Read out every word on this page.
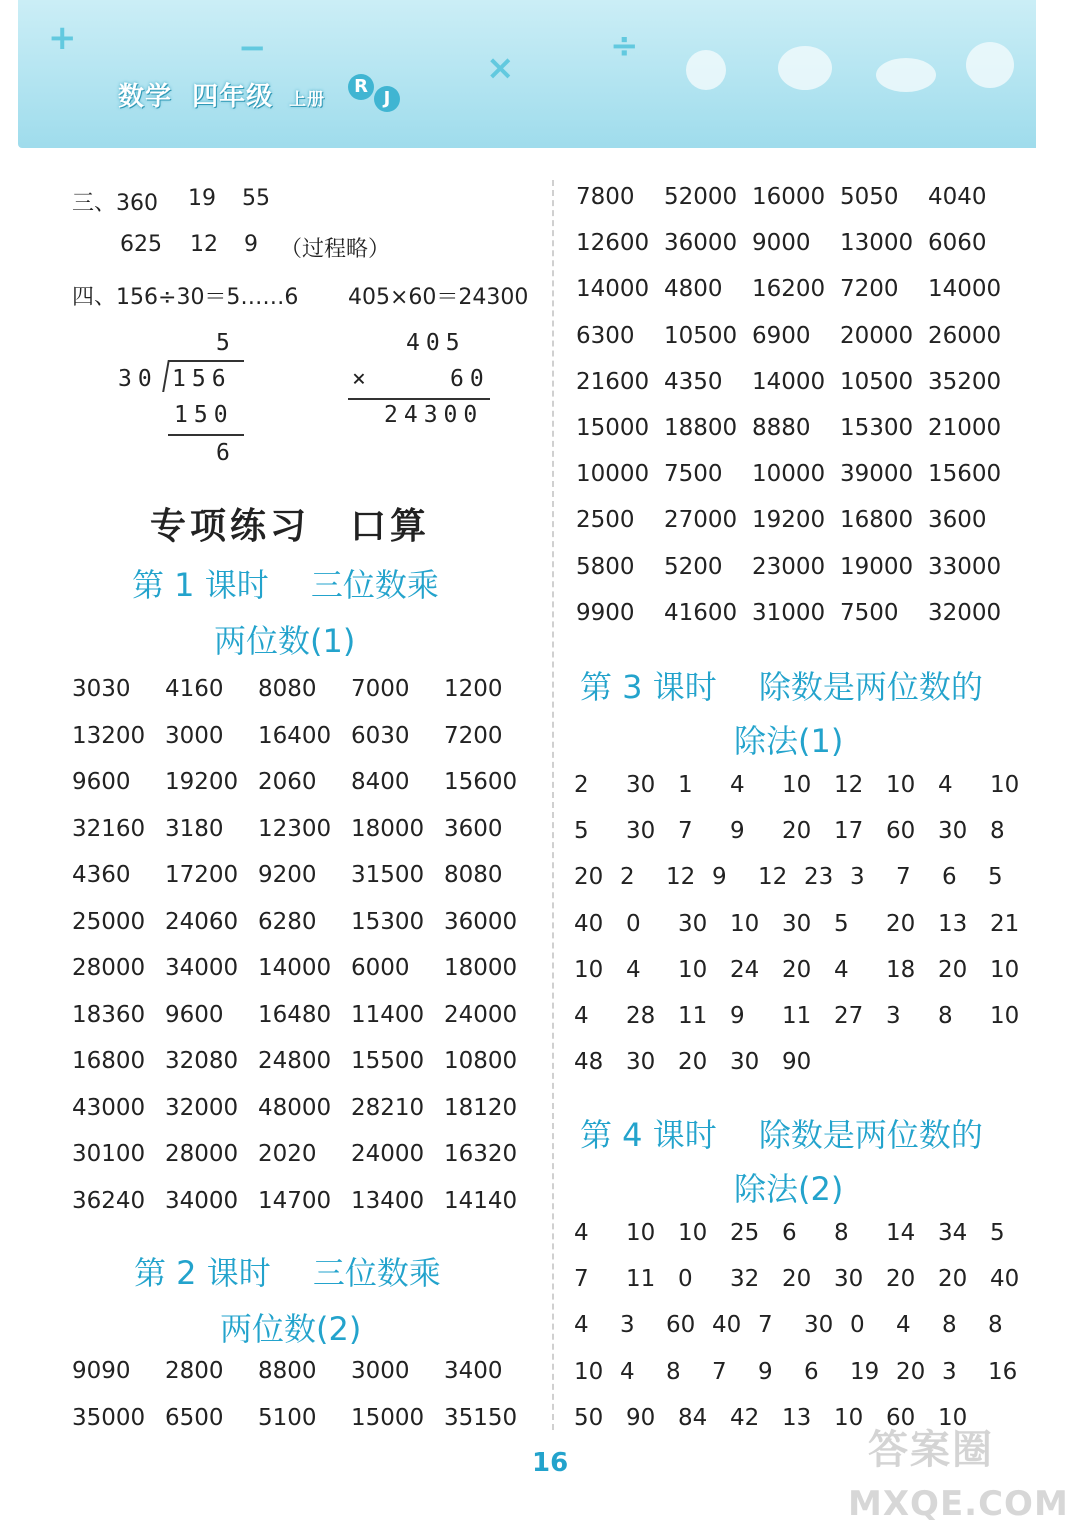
+	−	×
÷
数学 四年级 上册
R
J
三、360 19 55
625 12 9 （过程略）
四、156÷30＝5……6 405×60＝24300
5
30 156
150
6
405
×	60
24300
专项练习　口算
第 1 课时　 三位数乘
两位数(1)
3030 4160 8080 7000 1200
13200 3000 16400 6030 7200
9600 19200 2060 8400 15600
32160 3180 12300 18000 3600
4360 17200 9200 31500 8080
25000 24060 6280 15300 36000
28000 34000 14000 6000 18000
18360 9600 16480 11400 24000
16800 32080 24800 15500 10800
43000 32000 48000 28210 18120
30100 28000 2020 24000 16320
36240 34000 14700 13400 14140
第 2 课时　 三位数乘
两位数(2)
9090 2800 8800 3000 3400
35000 6500 5100 15000 35150
7800 52000 16000 5050 4040
12600 36000 9000 13000 6060
14000 4800 16200 7200 14000
6300 10500 6900 20000 26000
21600 4350 14000 10500 35200
15000 18800 8880 15300 21000
10000 7500 10000 39000 15600
2500 27000 19200 16800 3600
5800 5200 23000 19000 33000
9900 41600 31000 7500 32000
第 3 课时　 除数是两位数的
除法(1)
2 30 1 4 10 12 10 4 10
5 30 7 9 20 17 60 30 8
20 2 12 9 12 23 3 7 6 5
40 0 30 10 30 5 20 13 21
10 4 10 24 20 4 18 20 10
4 28 11 9 11 27 3 8 10
48 30 20 30 90
第 4 课时　 除数是两位数的
除法(2)
4 10 10 25 6 8 14 34 5
7 11 0 32 20 30 20 20 40
4 3 60 40 7 30 0 4 8 8
10 4 8 7 9 6 19 20 3 16
50 90 84 42 13 10 60 10
16	答案圈
MXQE.COM
